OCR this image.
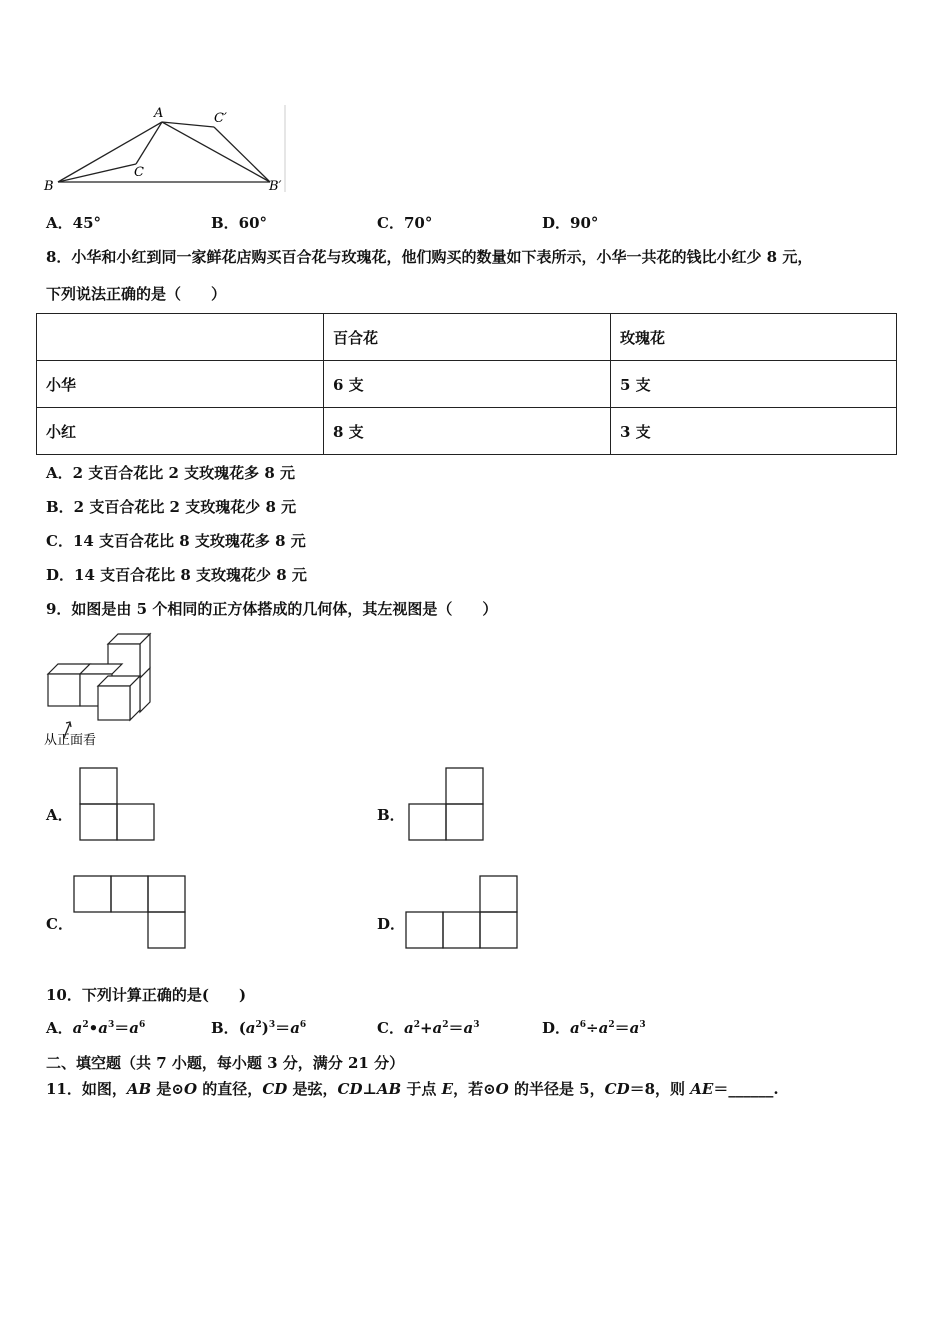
A	C′
C
B	B′
A．45°	B．60°	C．70°	D．90°
8．小华和小红到同一家鲜花店购买百合花与玫瑰花，他们购买的数量如下表所示，小华一共花的钱比小红少 8 元，
下列说法正确的是（　　）
	百合花	玫瑰花
小华	6 支	5 支
小红	8 支	3 支
A．2 支百合花比 2 支玫瑰花多 8 元
B．2 支百合花比 2 支玫瑰花少 8 元
C．14 支百合花比 8 支玫瑰花多 8 元
D．14 支百合花比 8 支玫瑰花少 8 元
9．如图是由 5 个相同的正方体搭成的几何体，其左视图是（　　）
从正面看
A．	B．
C．	D．
10．下列计算正确的是(　　)
A．$a^2•a^3=a^6$	B．$(a^2)^3=a^6$	C．$a^2+a^2=a^3$	D．$a^6\div a^2=a^3$
二、填空题（共 7 小题，每小题 3 分，满分 21 分）
11．如图，AB 是⊙O 的直径，CD 是弦，CD⊥AB 于点 E，若⊙O 的半径是 5，CD＝8，则 AE＝______.
